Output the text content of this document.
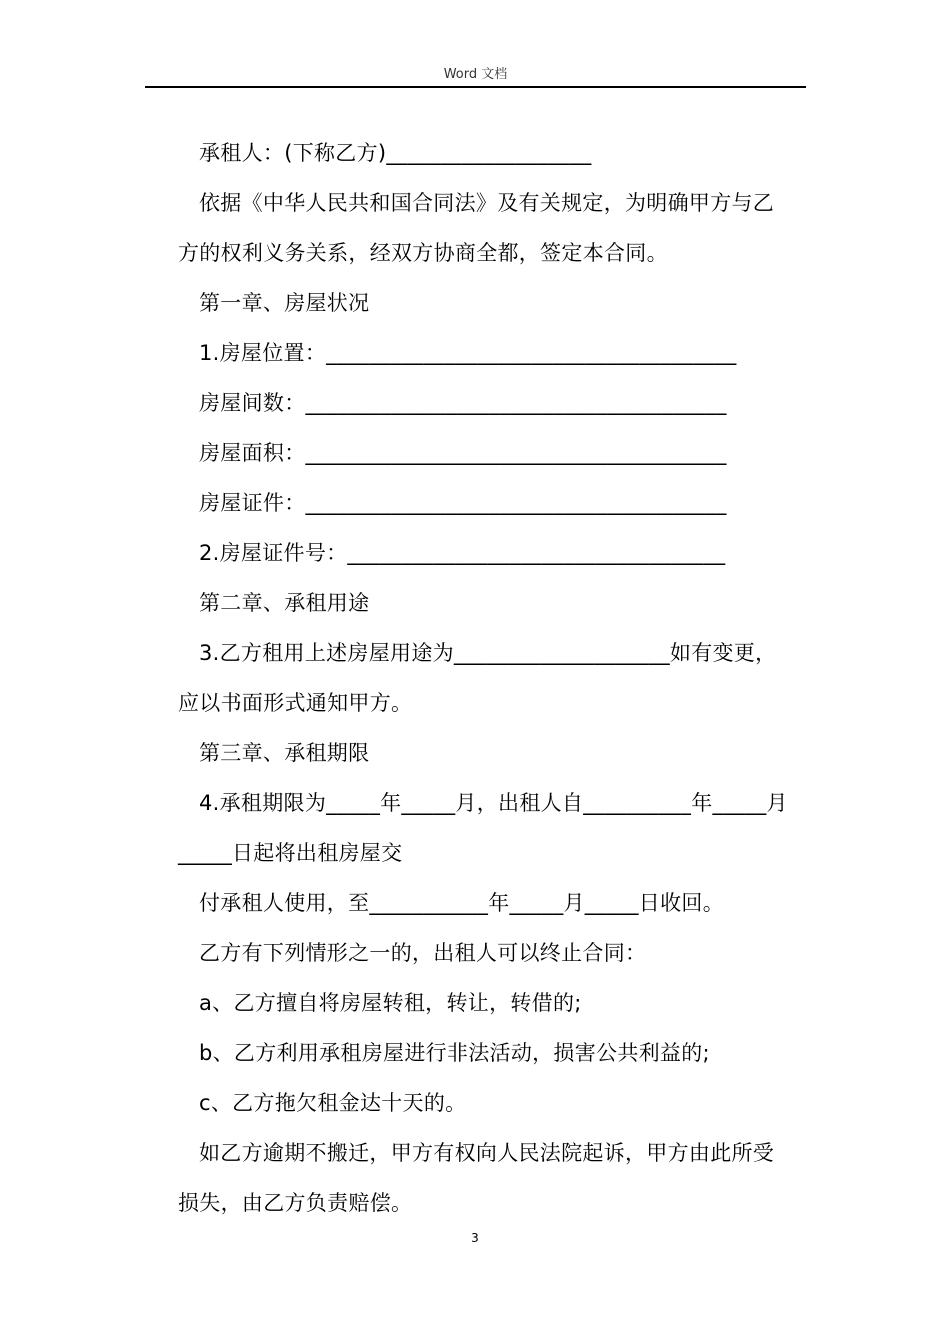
Word 文档
承租人：(下称乙方)___________________
依据《中华人民共和国合同法》及有关规定，为明确甲方与乙
方的权利义务关系，经双方协商全都，签定本合同。
第一章、房屋状况
1.房屋位置：______________________________________
房屋间数：_______________________________________
房屋面积：_______________________________________
房屋证件：_______________________________________
2.房屋证件号：___________________________________
第二章、承租用途
3.乙方租用上述房屋用途为____________________如有变更，
应以书面形式通知甲方。
第三章、承租期限
4.承租期限为_____年_____月，出租人自__________年_____月
_____日起将出租房屋交
付承租人使用，至___________年_____月_____日收回。
乙方有下列情形之一的，出租人可以终止合同：
a、乙方擅自将房屋转租，转让，转借的;
b、乙方利用承租房屋进行非法活动，损害公共利益的;
c、乙方拖欠租金达十天的。
如乙方逾期不搬迁，甲方有权向人民法院起诉，甲方由此所受
损失，由乙方负责赔偿。
3
